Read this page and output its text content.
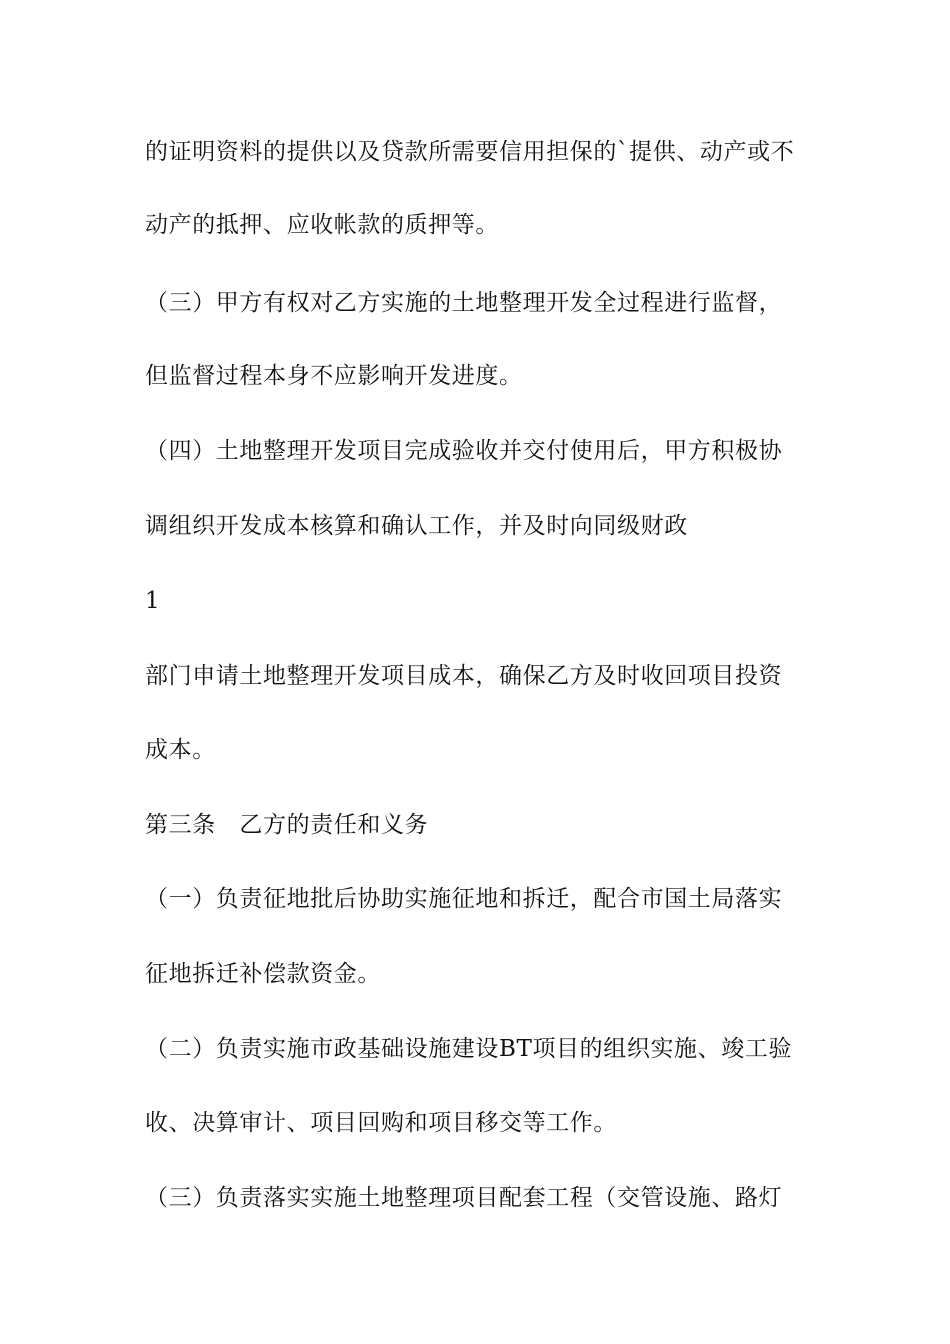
的证明资料的提供以及贷款所需要信用担保的`提供、动产或不

动产的抵押、应收帐款的质押等。

（三）甲方有权对乙方实施的土地整理开发全过程进行监督，

但监督过程本身不应影响开发进度。

（四）土地整理开发项目完成验收并交付使用后，甲方积极协

调组织开发成本核算和确认工作，并及时向同级财政

1

部门申请土地整理开发项目成本，确保乙方及时收回项目投资

成本。

第三条　乙方的责任和义务

（一）负责征地批后协助实施征地和拆迁，配合市国土局落实

征地拆迁补偿款资金。

（二）负责实施市政基础设施建设BT项目的组织实施、竣工验

收、决算审计、项目回购和项目移交等工作。

（三）负责落实实施土地整理项目配套工程（交管设施、路灯
